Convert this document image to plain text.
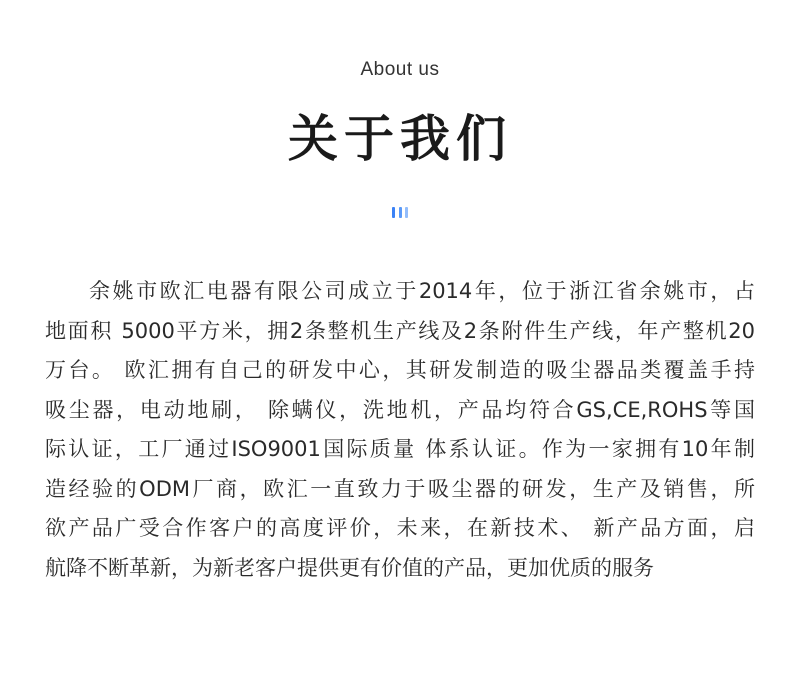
About us
关于我们
余姚市欧汇电器有限公司成立于2014年，位于浙江省余姚市，占
地面积 5000平方米，拥2条整机生产线及2条附件生产线，年产整机20
万台。 欧汇拥有自己的研发中心，其研发制造的吸尘器品类覆盖手持
吸尘器，电动地刷， 除螨仪，洗地机，产品均符合GS,CE,ROHS等国
际认证，工厂通过ISO9001国际质量 体系认证。作为一家拥有10年制
造经验的ODM厂商，欧汇一直致力于吸尘器的研发，生产及销售，所
欲产品广受合作客户的高度评价，未来，在新技术、 新产品方面，启
航降不断革新，为新老客户提供更有价值的产品，更加优质的服务
